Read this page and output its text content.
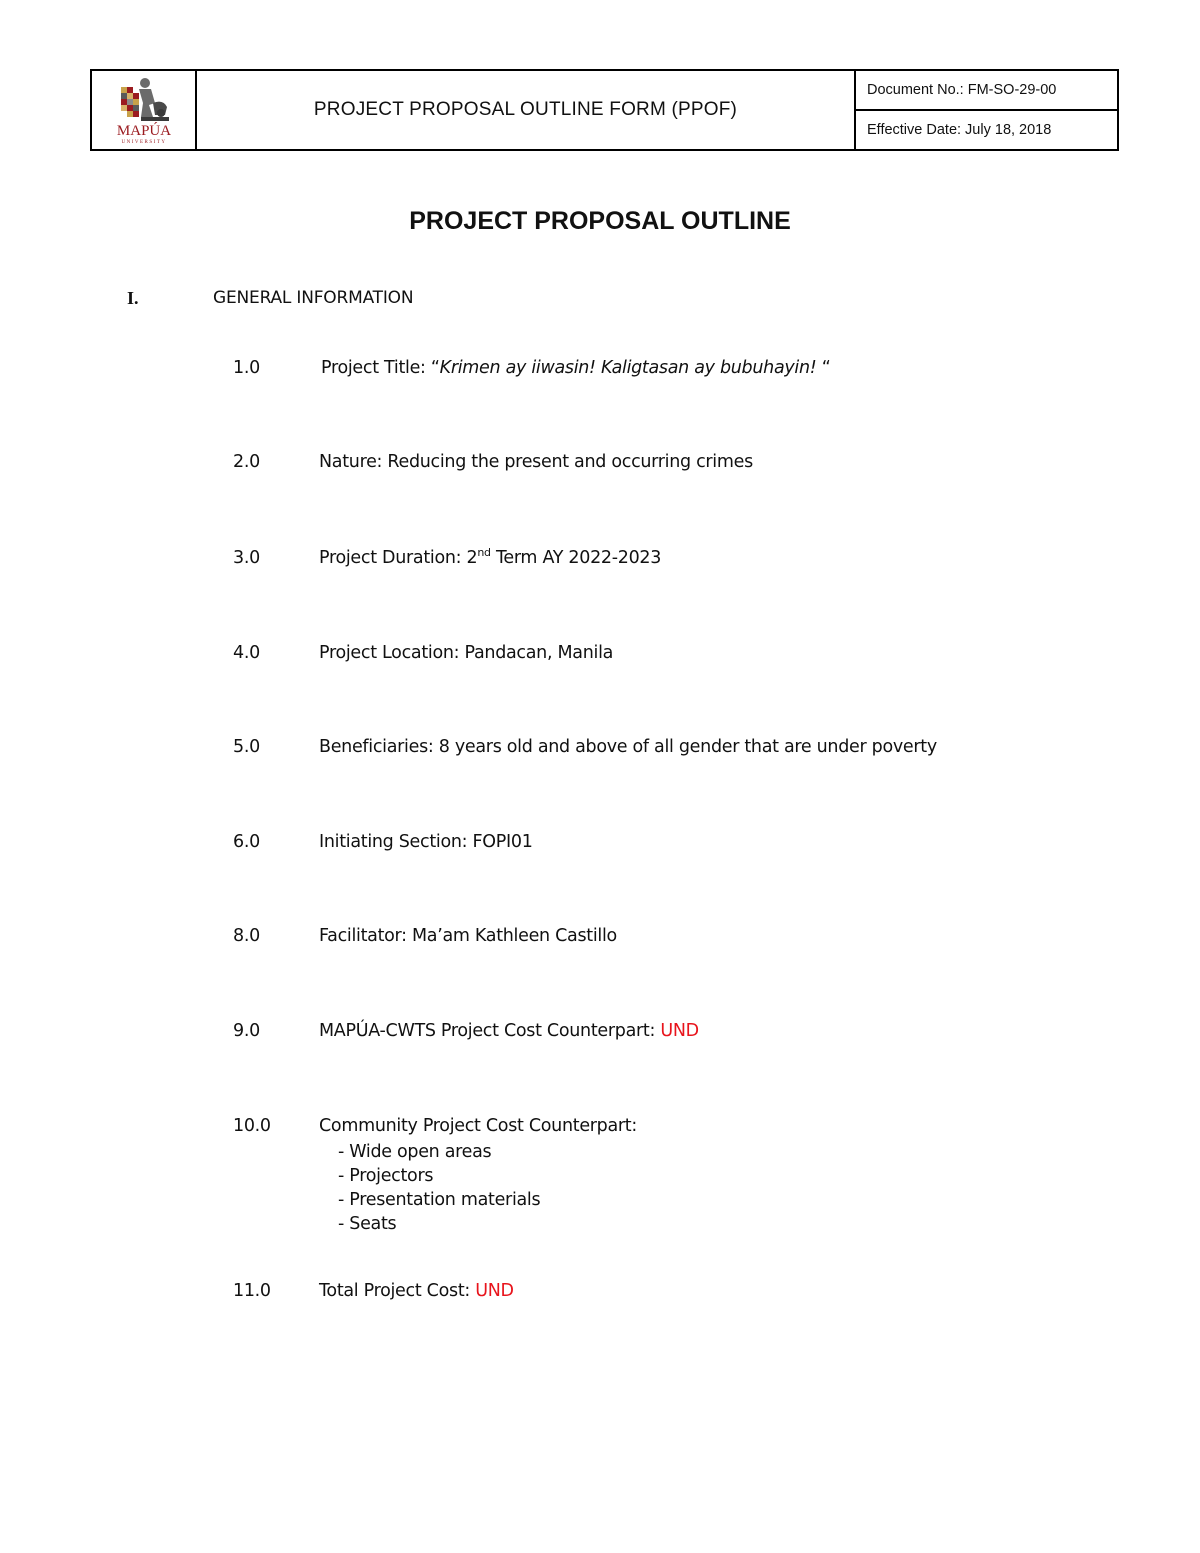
MAPÚA
UNIVERSITY
PROJECT PROPOSAL OUTLINE FORM (PPOF)
Document No.: FM-SO-29-00
Effective Date: July 18, 2018
PROJECT PROPOSAL OUTLINE
I.	GENERAL INFORMATION
1.0	Project Title: “Krimen ay iiwasin! Kaligtasan ay bubuhayin! “
2.0	Nature: Reducing the present and occurring crimes
3.0	Project Duration: 2nd Term AY 2022-2023
4.0	Project Location: Pandacan, Manila
5.0	Beneficiaries: 8 years old and above of all gender that are under poverty
6.0	Initiating Section: FOPI01
8.0	Facilitator: Ma’am Kathleen Castillo
9.0	MAPÚA-CWTS Project Cost Counterpart: UND
10.0	Community Project Cost Counterpart:
- Wide open areas
- Projectors
- Presentation materials
- Seats
11.0	Total Project Cost: UND
